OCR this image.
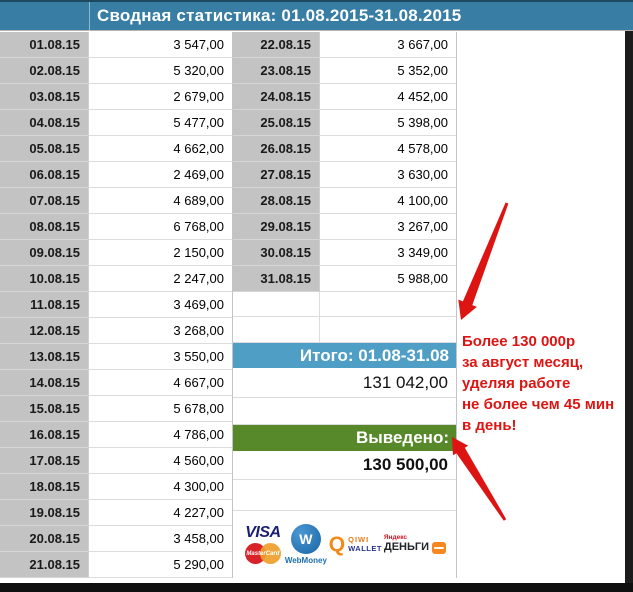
Сводная статистика: 01.08.2015-31.08.2015
01.08.15	3 547,00
02.08.15	5 320,00
03.08.15	2 679,00
04.08.15	5 477,00
05.08.15	4 662,00
06.08.15	2 469,00
07.08.15	4 689,00
08.08.15	6 768,00
09.08.15	2 150,00
10.08.15	2 247,00
11.08.15	3 469,00
12.08.15	3 268,00
13.08.15	3 550,00
14.08.15	4 667,00
15.08.15	5 678,00
16.08.15	4 786,00
17.08.15	4 560,00
18.08.15	4 300,00
19.08.15	4 227,00
20.08.15	3 458,00
21.08.15	5 290,00
22.08.15	3 667,00
23.08.15	5 352,00
24.08.15	4 452,00
25.08.15	5 398,00
26.08.15	4 578,00
27.08.15	3 630,00
28.08.15	4 100,00
29.08.15	3 267,00
30.08.15	3 349,00
31.08.15	5 988,00
Итого: 01.08-31.08
131 042,00
Выведено:
130 500,00
VISA
MasterCard
W
WebMoney
Q QIWI
WALLET
Яндекс
ДЕНЬГИ
Более 130 000р
за август месяц,
уделяя работе
не более чем 45 мин
в день!
